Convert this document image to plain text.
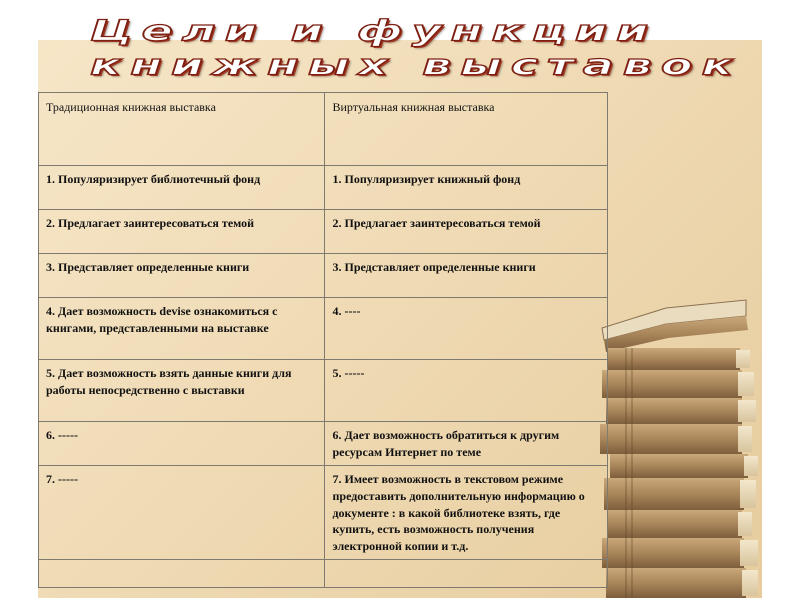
Цели и функции
книжных выставок
Традиционная книжная выставка	Виртуальная книжная выставка
1. Популяризирует библиотечный фонд	1. Популяризирует книжный фонд
2. Предлагает заинтересоваться темой	2. Предлагает заинтересоваться темой
3. Представляет определенные книги	3. Представляет определенные книги
4. Дает возможность devise ознакомиться с книгами, представленными на выставке	4. ----
5. Дает возможность взять данные книги для работы непосредственно с выставки	5. -----
6. -----	6. Дает возможность обратиться к другим ресурсам Интернет по теме
7. -----	7. Имеет возможность в текстовом режиме предоставить дополнительную информацию о документе : в какой библиотеке взять, где купить, есть возможность получения электронной копии и т.д.
